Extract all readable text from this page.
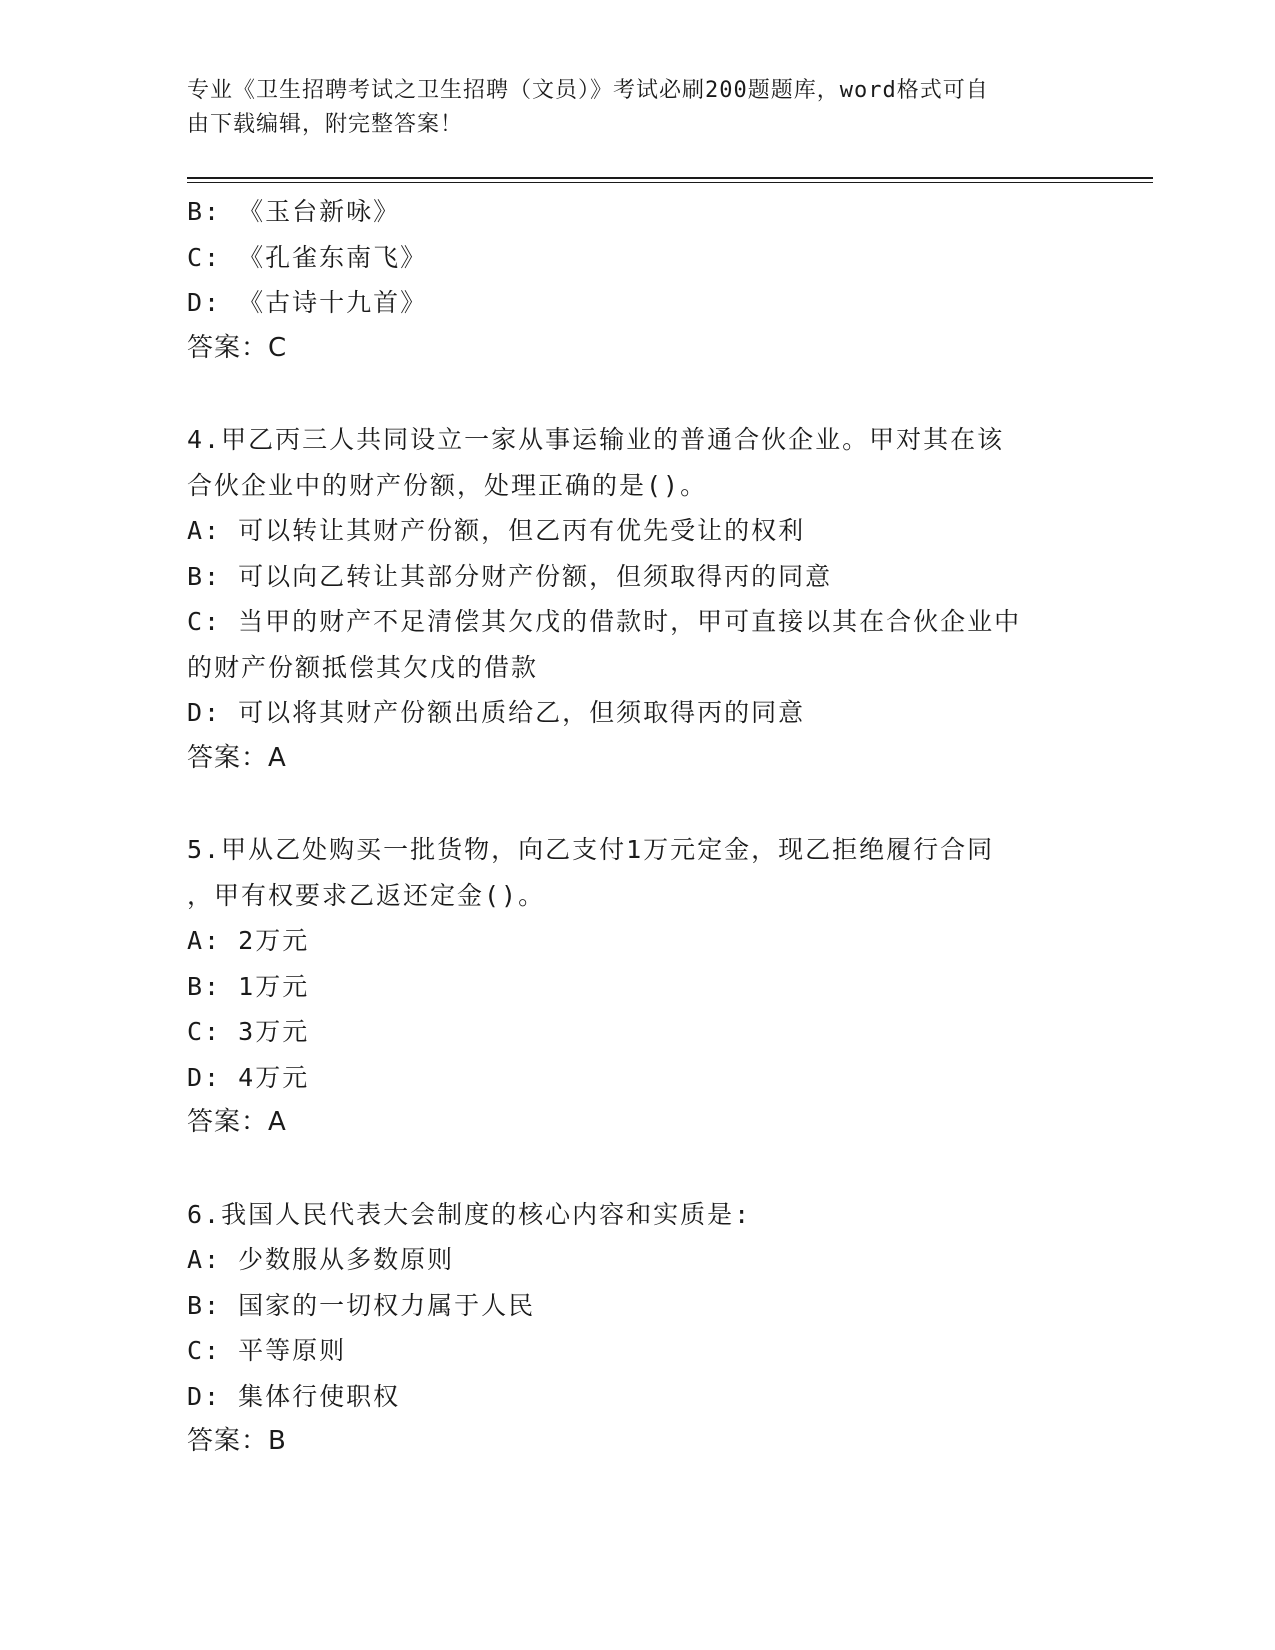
专业《卫生招聘考试之卫生招聘（文员）》考试必刷200题题库，word格式可自
由下载编辑，附完整答案！
B: 《玉台新咏》
C: 《孔雀东南飞》
D: 《古诗十九首》
答案：C
4.甲乙丙三人共同设立一家从事运输业的普通合伙企业。甲对其在该
合伙企业中的财产份额，处理正确的是()。
A: 可以转让其财产份额，但乙丙有优先受让的权利
B: 可以向乙转让其部分财产份额，但须取得丙的同意
C: 当甲的财产不足清偿其欠戊的借款时，甲可直接以其在合伙企业中
的财产份额抵偿其欠戊的借款
D: 可以将其财产份额出质给乙，但须取得丙的同意
答案：A
5.甲从乙处购买一批货物，向乙支付1万元定金，现乙拒绝履行合同
，甲有权要求乙返还定金()。
A: 2万元
B: 1万元
C: 3万元
D: 4万元
答案：A
6.我国人民代表大会制度的核心内容和实质是:
A: 少数服从多数原则
B: 国家的一切权力属于人民
C: 平等原则
D: 集体行使职权
答案：B
